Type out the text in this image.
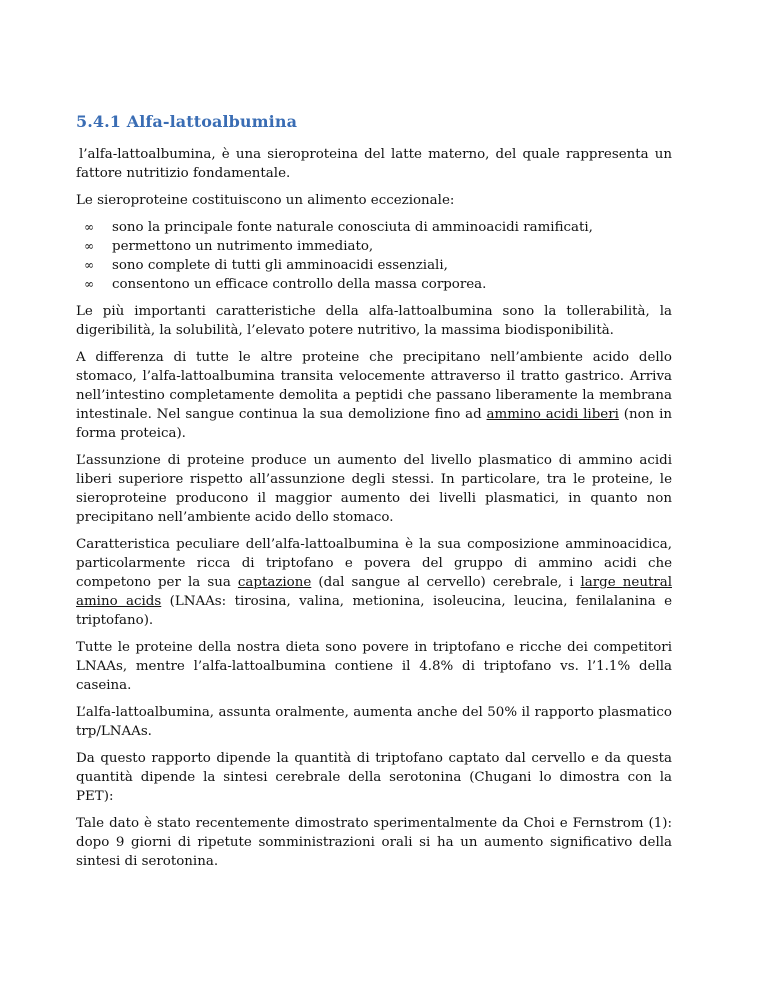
5.4.1 Alfa-lattoalbumina

l’alfa-lattoalbumina, è una sieroproteina del latte materno, del quale rappresenta un fattore nutritizio fondamentale.

Le sieroproteine costituiscono un alimento eccezionale:

∞	sono la principale fonte naturale conosciuta di amminoacidi ramificati,
∞	permettono un nutrimento immediato,
∞	sono complete di tutti gli amminoacidi essenziali,
∞	consentono un efficace controllo della massa corporea.

Le più importanti caratteristiche della alfa-lattoalbumina sono la tollerabilità, la digeribilità, la solubilità, l’elevato potere nutritivo, la massima biodisponibilità.

A differenza di tutte le altre proteine che precipitano nell’ambiente acido dello stomaco, l’alfa-lattoalbumina transita velocemente attraverso il tratto gastrico. Arriva nell’intestino completamente demolita a peptidi che passano liberamente la membrana intestinale. Nel sangue continua la sua demolizione fino ad ammino acidi liberi (non in forma proteica).

L’assunzione di proteine produce un aumento del livello plasmatico di ammino acidi liberi superiore rispetto all’assunzione degli stessi. In particolare, tra le proteine, le sieroproteine producono il maggior aumento dei livelli plasmatici, in quanto non precipitano nell’ambiente acido dello stomaco.

Caratteristica peculiare dell’alfa-lattoalbumina è la sua composizione amminoacidica, particolarmente ricca di triptofano e povera del gruppo di ammino acidi che competono per la sua captazione (dal sangue al cervello) cerebrale, i large neutral amino acids (LNAAs: tirosina, valina, metionina, isoleucina, leucina, fenilalanina e triptofano).

Tutte le proteine della nostra dieta sono povere in triptofano e ricche dei competitori LNAAs, mentre l’alfa-lattoalbumina contiene il 4.8% di triptofano vs. l’1.1% della caseina.

L’alfa-lattoalbumina, assunta oralmente, aumenta anche del 50% il rapporto plasmatico trp/LNAAs.

Da questo rapporto dipende la quantità di triptofano captato dal cervello e da questa quantità dipende la sintesi cerebrale della serotonina (Chugani lo dimostra con la PET):

Tale dato è stato recentemente dimostrato sperimentalmente da Choi e Fernstrom (1): dopo 9 giorni di ripetute somministrazioni orali si ha un aumento significativo della sintesi di serotonina.
